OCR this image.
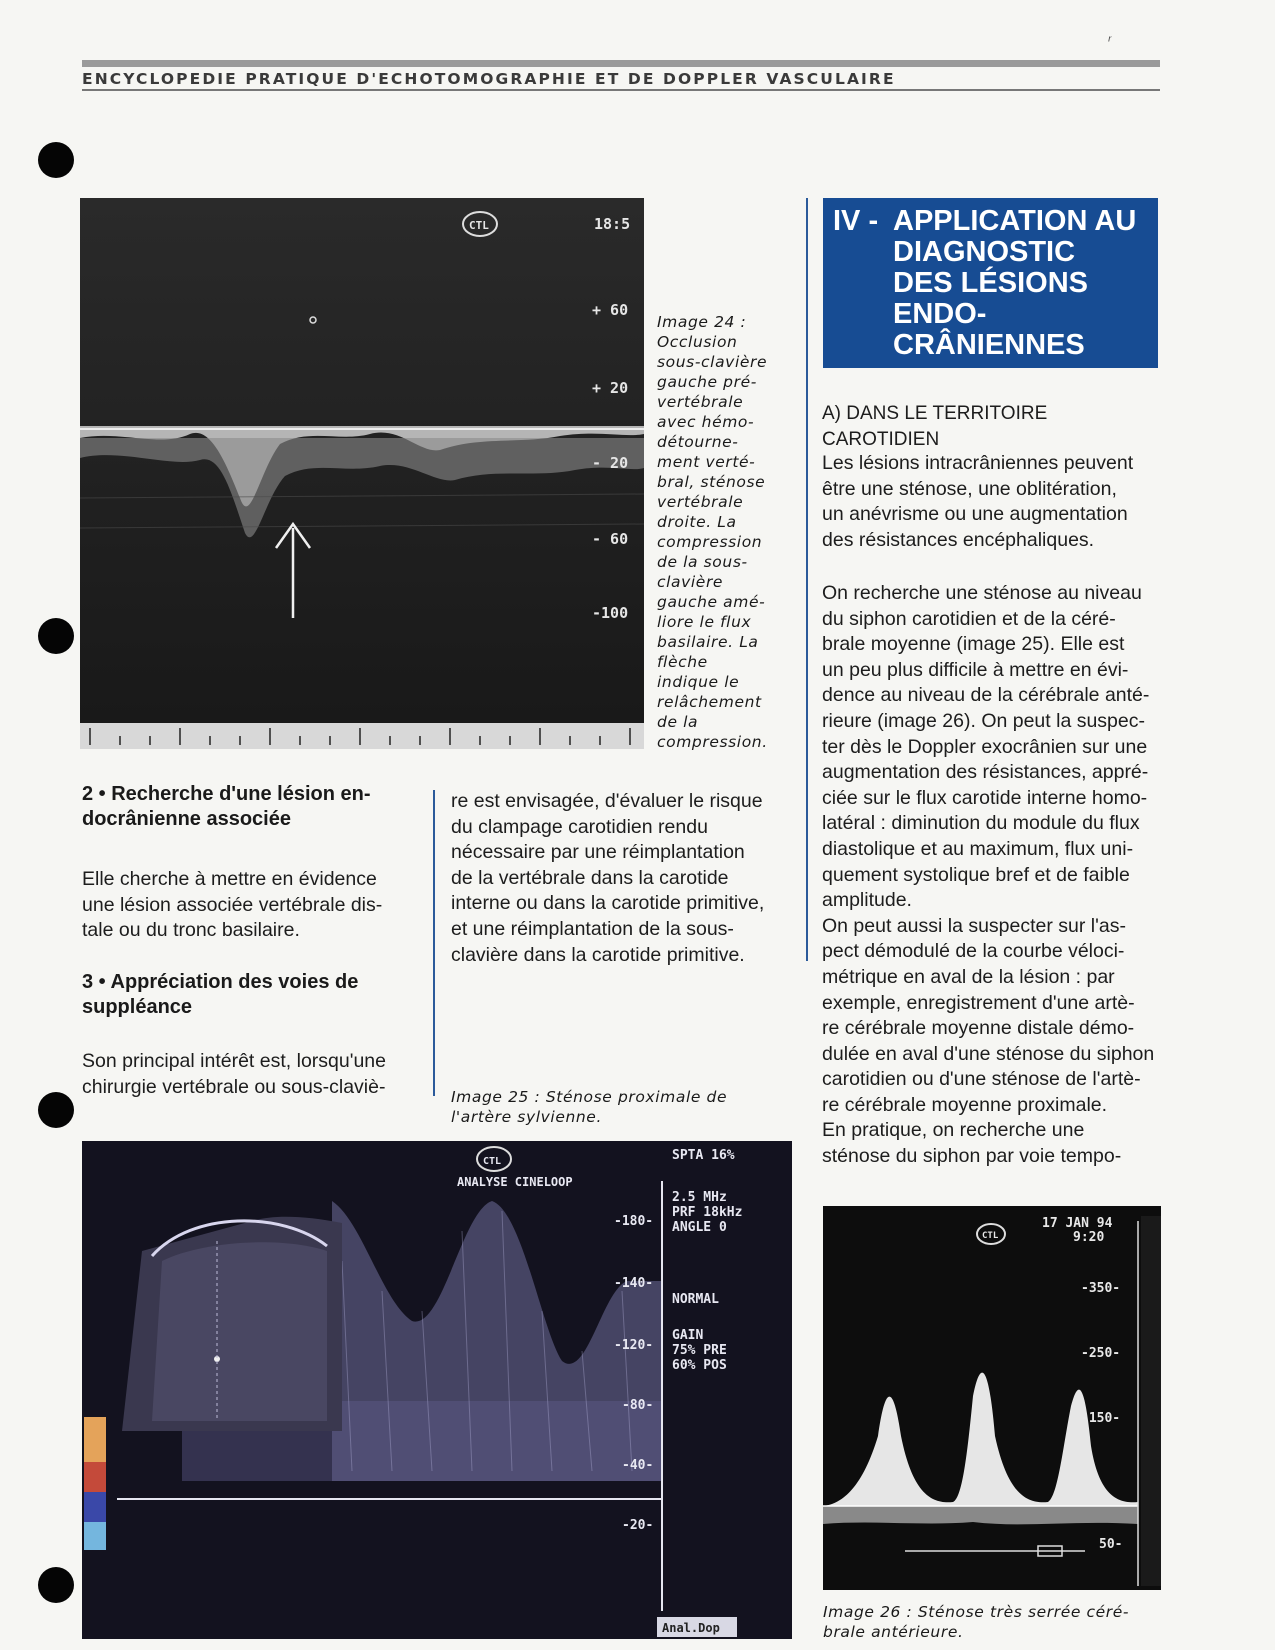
ENCYCLOPEDIE PRATIQUE D'ECHOTOMOGRAPHIE ET DE DOPPLER VASCULAIRE
ʳ
CTL	18:5
+ 60
+ 20
- 20
- 60
-100
Image 24 :
Occlusion
sous-clavière
gauche pré-
vertébrale
avec hémo-
détourne-
ment verté-
bral, sténose
vertébrale
droite. La
compression
de la sous-
clavière
gauche amé-
liore le flux
basilaire. La
flèche
indique le
relâchement
de la
compression.
2 • Recherche d'une lésion en-
docrânienne associée

Elle cherche à mettre en évidence

une lésion associée vertébrale dis-

tale ou du tronc basilaire.

3 • Appréciation des voies de
suppléance

Son principal intérêt est, lorsqu'une

chirurgie vertébrale ou sous-claviè-

re est envisagée, d'évaluer le risque

du clampage carotidien rendu

nécessaire par une réimplantation

de la vertébrale dans la carotide

interne ou dans la carotide primitive,

et une réimplantation de la sous-

clavière dans la carotide primitive.

Image 25 : Sténose proximale de
l'artère sylvienne.
CTL
ANALYSE CINELOOP
SPTA 16%
2.5 MHz
PRF 18kHz
ANGLE 0
NORMAL
GAIN
75% PRE
60% POS
-180-
-140-
-120-
-80-
-40-
-20-
Anal.Dop
IV - APPLICATION AU
DIAGNOSTIC
DES LÉSIONS
ENDO-
CRÂNIENNES
A) DANS LE TERRITOIRE CAROTIDIEN

Les lésions intracrâniennes peuvent

être une sténose, une oblitération,

un anévrisme ou une augmentation

des résistances encéphaliques.

On recherche une sténose au niveau

du siphon carotidien et de la céré-

brale moyenne (image 25). Elle est

un peu plus difficile à mettre en évi-

dence au niveau de la cérébrale anté-

rieure (image 26). On peut la suspec-

ter dès le Doppler exocrânien sur une

augmentation des résistances, appré-

ciée sur le flux carotide interne homo-

latéral : diminution du module du flux

diastolique et au maximum, flux uni-

quement systolique bref et de faible

amplitude.

On peut aussi la suspecter sur l'as-

pect démodulé de la courbe véloci-

métrique en aval de la lésion : par

exemple, enregistrement d'une artè-

re cérébrale moyenne distale démo-

dulée en aval d'une sténose du siphon

carotidien ou d'une sténose de l'artè-

re cérébrale moyenne proximale.

En pratique, on recherche une

sténose du siphon par voie tempo-

CTL
17 JAN 94
9:20
-350-
-250-
-150-
50-
Image 26 : Sténose très serrée céré-
brale antérieure.
